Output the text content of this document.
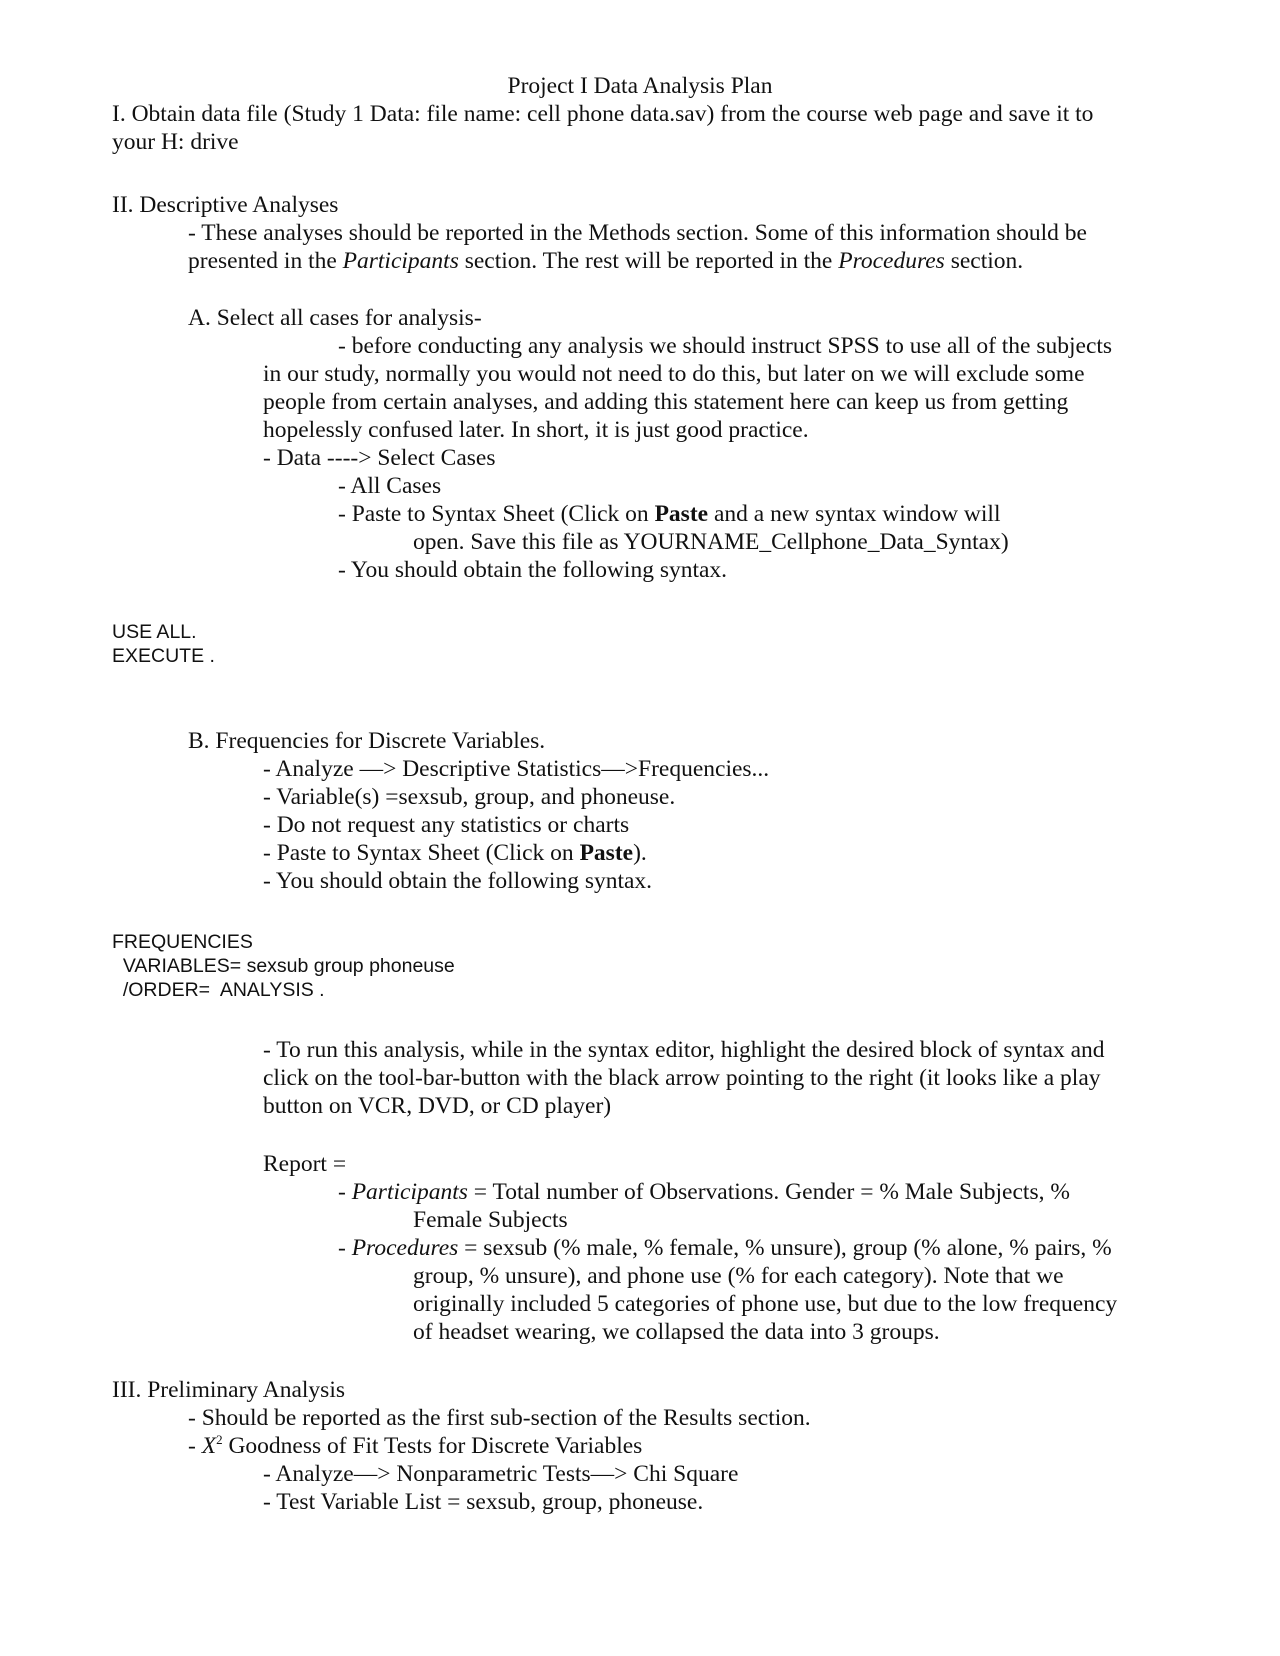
Project I Data Analysis Plan
I. Obtain data file (Study 1 Data: file name: cell phone data.sav) from the course web page and save it to
your H: drive
II. Descriptive Analyses
- These analyses should be reported in the Methods section. Some of this information should be
presented in the Participants section. The rest will be reported in the Procedures section.
A. Select all cases for analysis-
- before conducting any analysis we should instruct SPSS to use all of the subjects
in our study, normally you would not need to do this, but later on we will exclude some
people from certain analyses, and adding this statement here can keep us from getting
hopelessly confused later. In short, it is just good practice.
- Data ----> Select Cases
- All Cases
- Paste to Syntax Sheet (Click on Paste and a new syntax window will
open. Save this file as YOURNAME_Cellphone_Data_Syntax)
- You should obtain the following syntax.
USE ALL.
EXECUTE .
B. Frequencies for Discrete Variables.
- Analyze —> Descriptive Statistics—>Frequencies...
- Variable(s) =sexsub, group, and phoneuse.
- Do not request any statistics or charts
- Paste to Syntax Sheet (Click on Paste).
- You should obtain the following syntax.
FREQUENCIES
VARIABLES= sexsub group phoneuse
/ORDER=  ANALYSIS .
- To run this analysis, while in the syntax editor, highlight the desired block of syntax and
click on the tool-bar-button with the black arrow pointing to the right (it looks like a play
button on VCR, DVD, or CD player)
Report =
- Participants = Total number of Observations. Gender = % Male Subjects, %
Female Subjects
- Procedures = sexsub (% male, % female, % unsure), group (% alone, % pairs, %
group, % unsure), and phone use (% for each category). Note that we
originally included 5 categories of phone use, but due to the low frequency
of headset wearing, we collapsed the data into 3 groups.
III. Preliminary Analysis
- Should be reported as the first sub-section of the Results section.
- $X^2$ Goodness of Fit Tests for Discrete Variables
- Analyze—> Nonparametric Tests—> Chi Square
- Test Variable List = sexsub, group, phoneuse.
